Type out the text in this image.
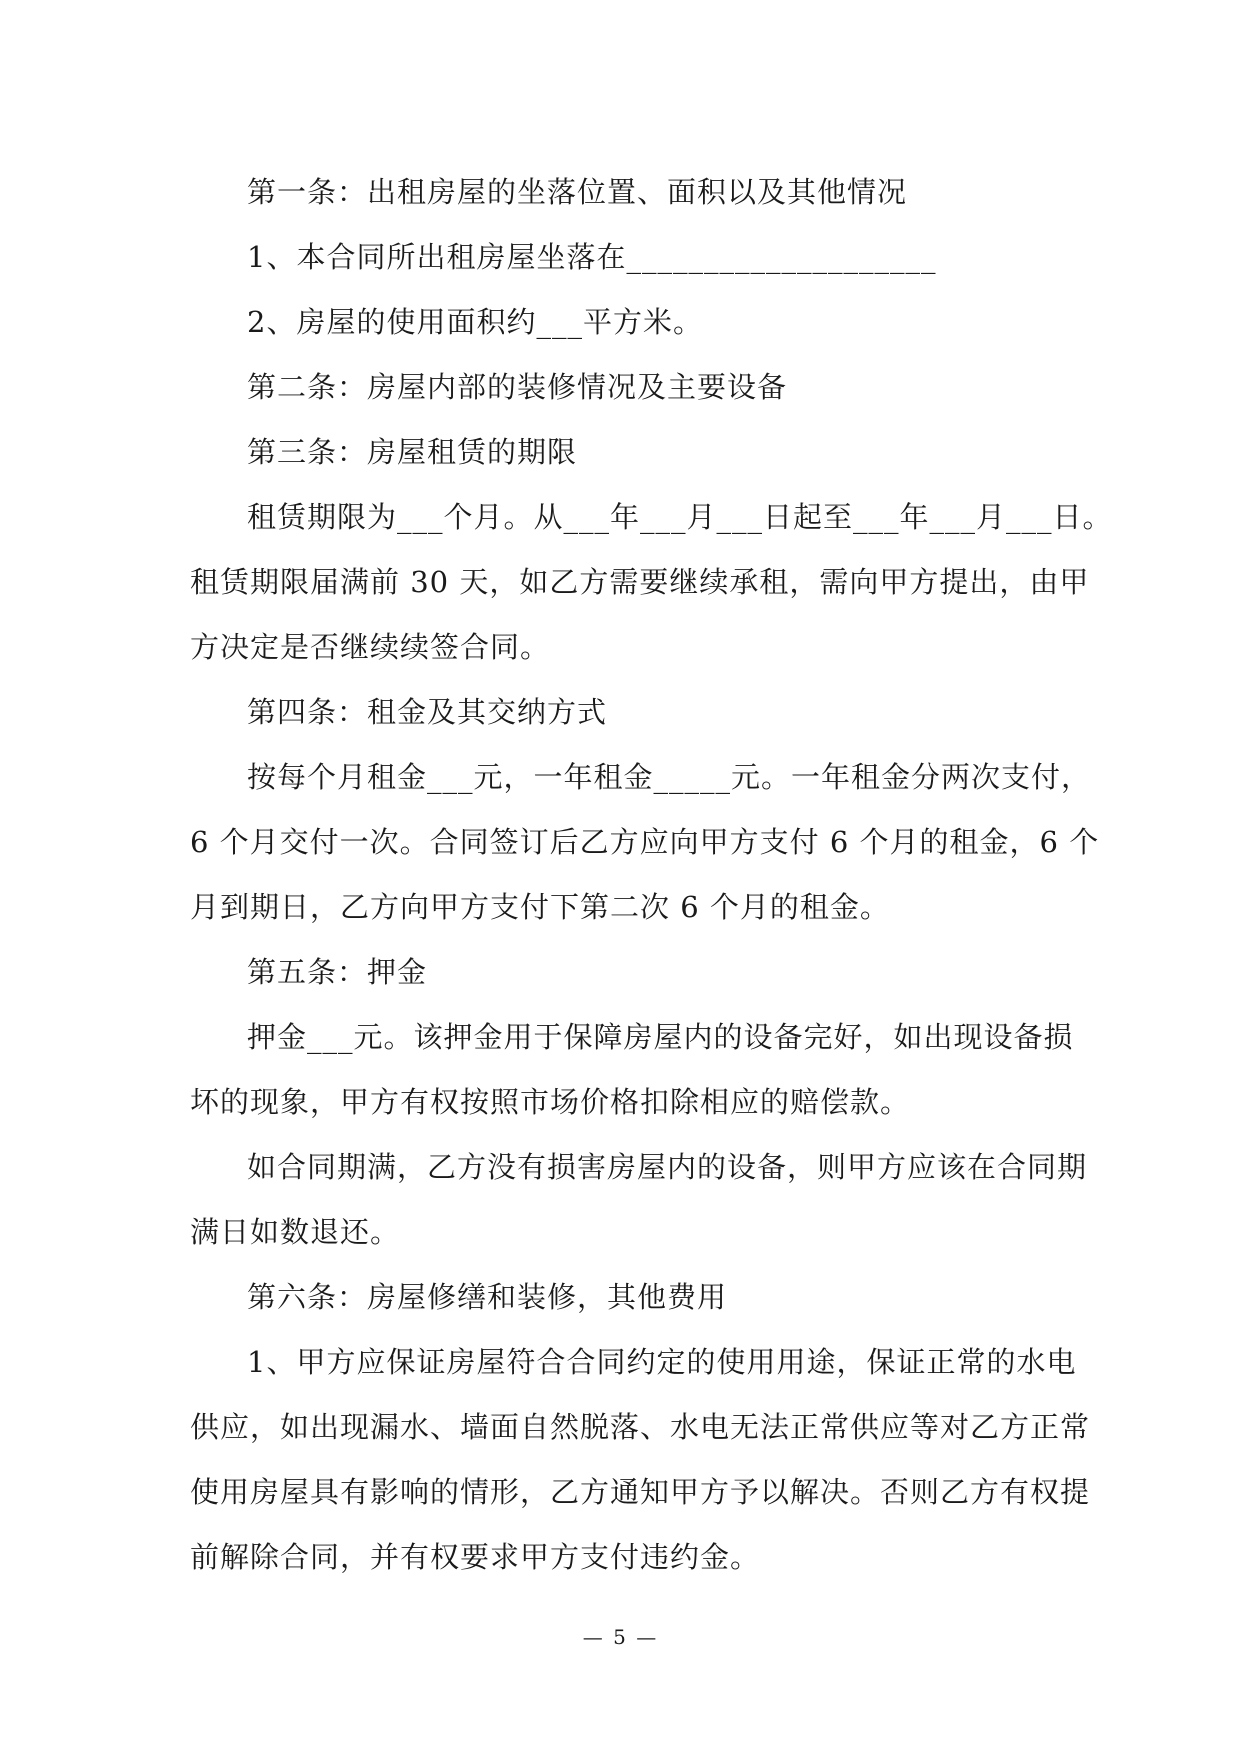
第一条：出租房屋的坐落位置、面积以及其他情况

1、本合同所出租房屋坐落在____________________

2、房屋的使用面积约___平方米。

第二条：房屋内部的装修情况及主要设备

第三条：房屋租赁的期限

租赁期限为___个月。从___年___月___日起至___年___月___日。

租赁期限届满前 30 天，如乙方需要继续承租，需向甲方提出，由甲

方决定是否继续续签合同。

第四条：租金及其交纳方式

按每个月租金___元，一年租金_____元。一年租金分两次支付，

6 个月交付一次。合同签订后乙方应向甲方支付 6 个月的租金，6 个

月到期日，乙方向甲方支付下第二次 6 个月的租金。

第五条：押金

押金___元。该押金用于保障房屋内的设备完好，如出现设备损

坏的现象，甲方有权按照市场价格扣除相应的赔偿款。

如合同期满，乙方没有损害房屋内的设备，则甲方应该在合同期

满日如数退还。

第六条：房屋修缮和装修，其他费用

1、甲方应保证房屋符合合同约定的使用用途，保证正常的水电

供应，如出现漏水、墙面自然脱落、水电无法正常供应等对乙方正常

使用房屋具有影响的情形，乙方通知甲方予以解决。否则乙方有权提

前解除合同，并有权要求甲方支付违约金。

— 5 —
